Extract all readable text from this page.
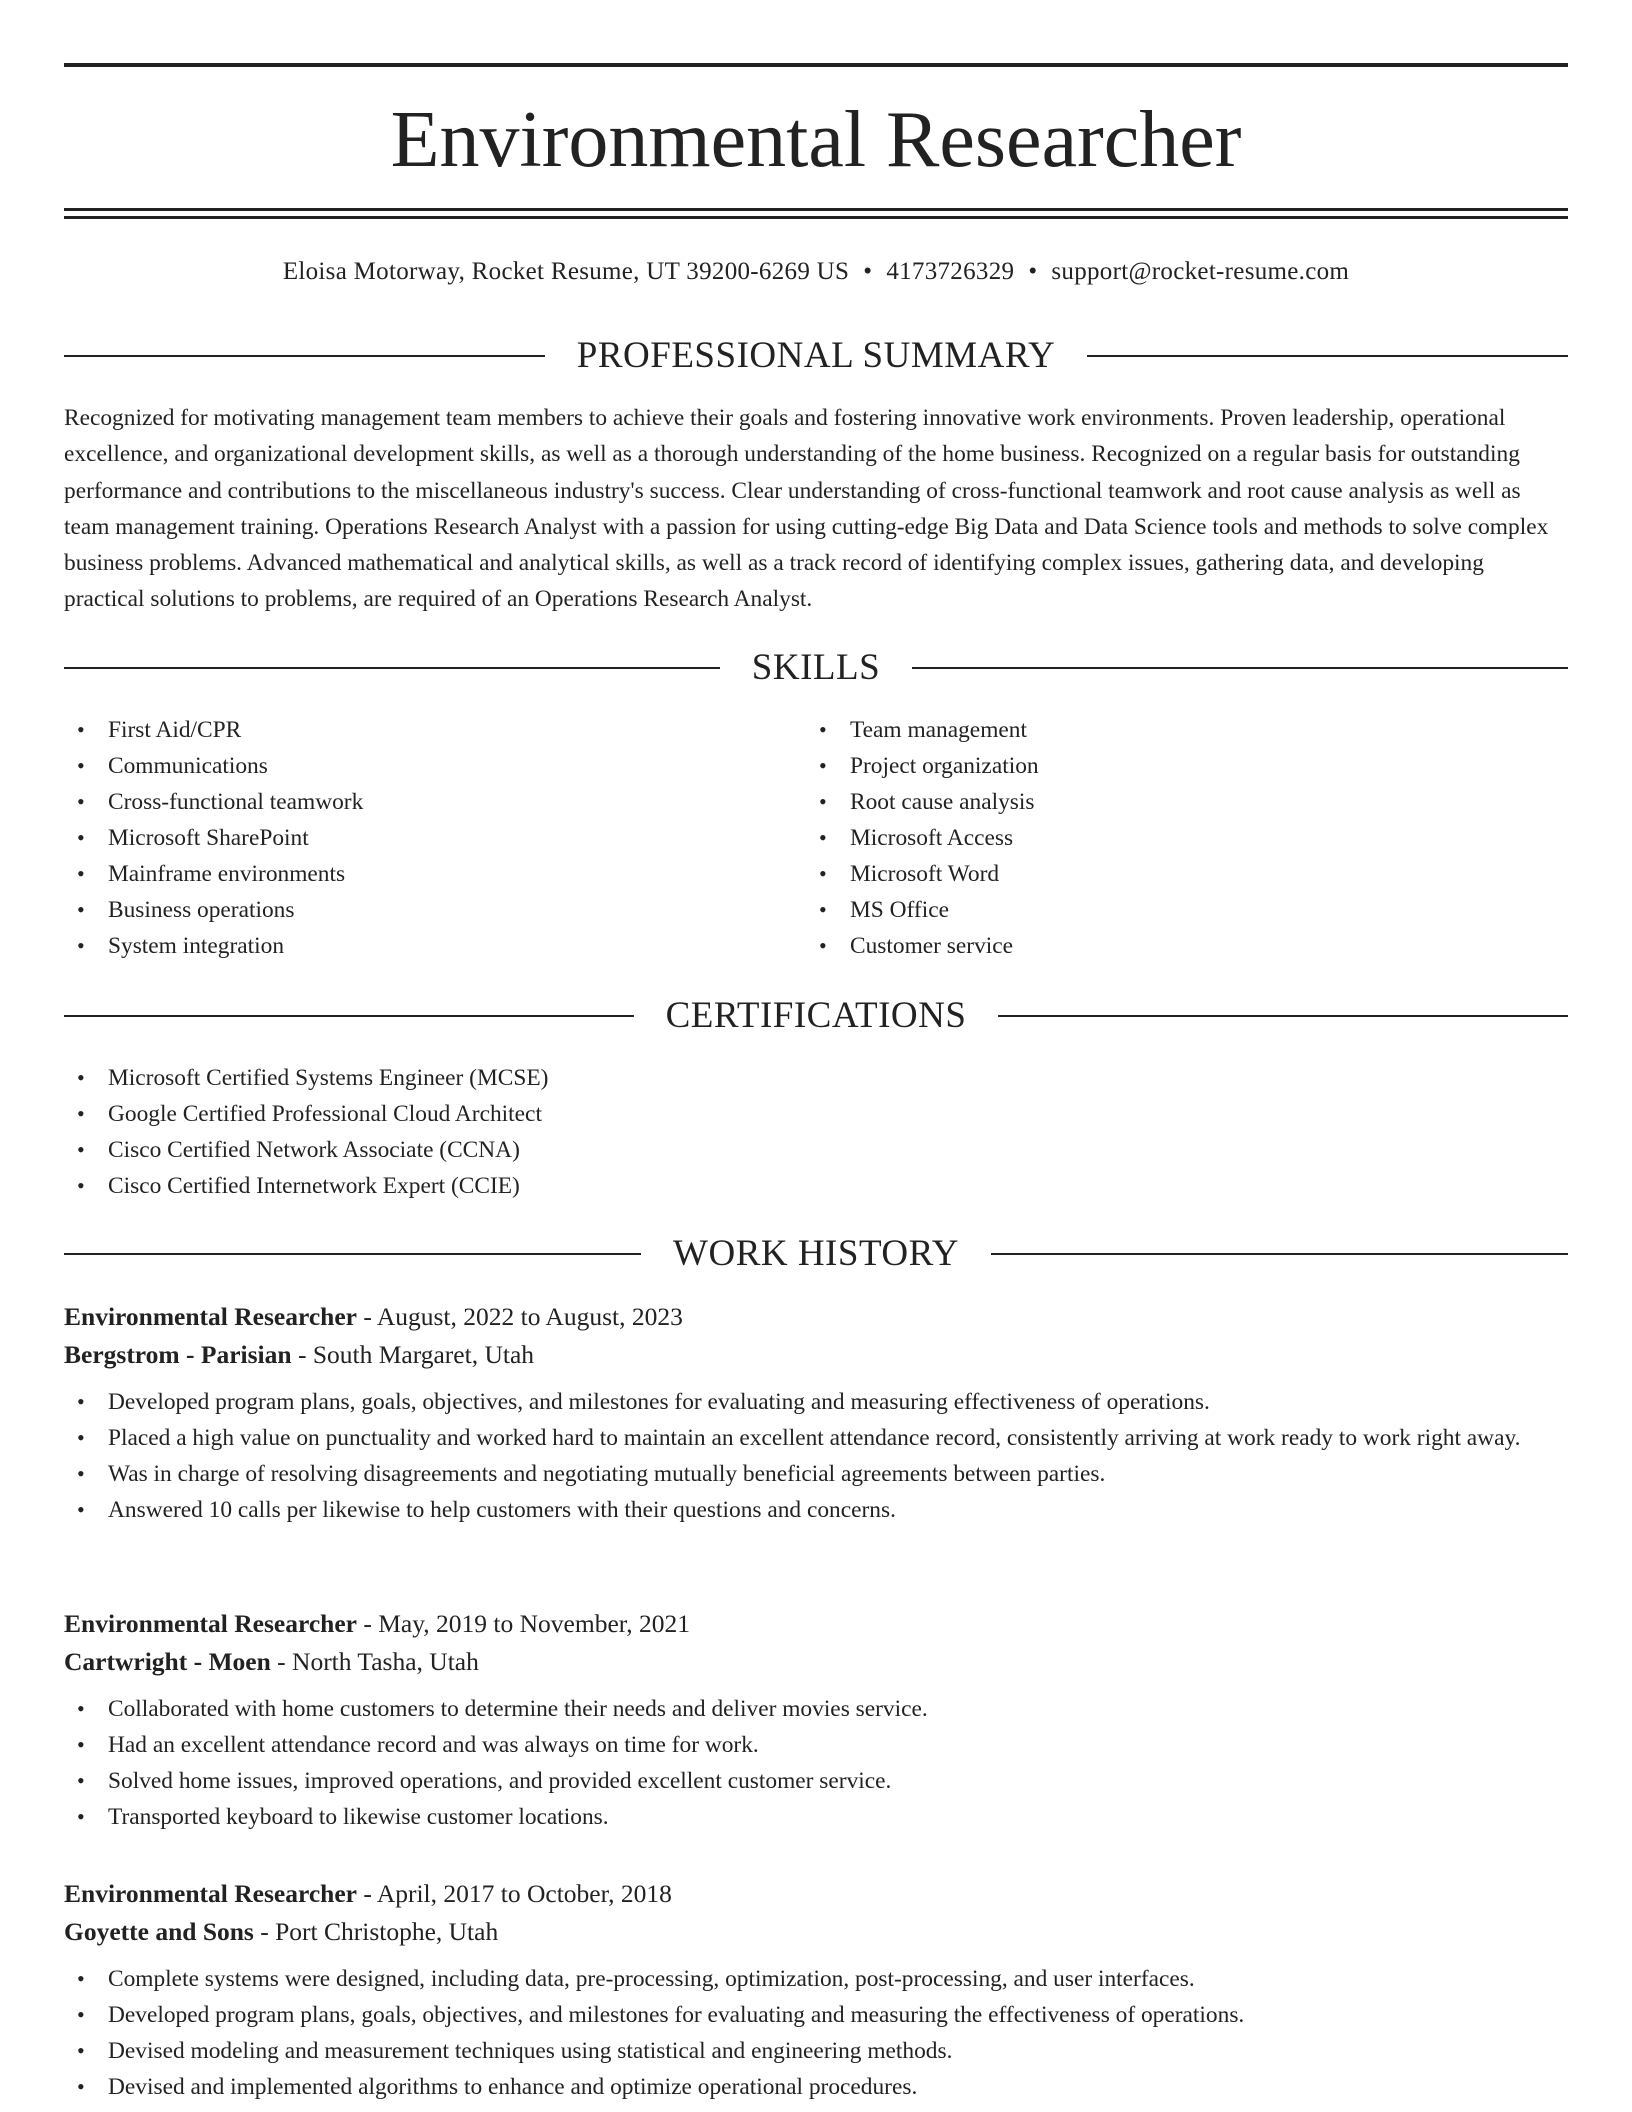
Environmental Researcher
Eloisa Motorway, Rocket Resume, UT 39200-6269 US • 4173726329 • support@rocket-resume.com
PROFESSIONAL SUMMARY

Recognized for motivating management team members to achieve their goals and fostering innovative work environments. Proven leadership, operational excellence, and organizational development skills, as well as a thorough understanding of the home business. Recognized on a regular basis for outstanding performance and contributions to the miscellaneous industry's success. Clear understanding of cross-functional teamwork and root cause analysis as well as team management training. Operations Research Analyst with a passion for using cutting-edge Big Data and Data Science tools and methods to solve complex business problems. Advanced mathematical and analytical skills, as well as a track record of identifying complex issues, gathering data, and developing practical solutions to problems, are required of an Operations Research Analyst.

SKILLS
• First Aid/CPR
• Communications
• Cross-functional teamwork
• Microsoft SharePoint
• Mainframe environments
• Business operations
• System integration
• Team management
• Project organization
• Root cause analysis
• Microsoft Access
• Microsoft Word
• MS Office
• Customer service
CERTIFICATIONS
• Microsoft Certified Systems Engineer (MCSE)
• Google Certified Professional Cloud Architect
• Cisco Certified Network Associate (CCNA)
• Cisco Certified Internetwork Expert (CCIE)
WORK HISTORY
Environmental Researcher - August, 2022 to August, 2023
Bergstrom - Parisian - South Margaret, Utah
• Developed program plans, goals, objectives, and milestones for evaluating and measuring effectiveness of operations.
• Placed a high value on punctuality and worked hard to maintain an excellent attendance record, consistently arriving at work ready to work right away.
• Was in charge of resolving disagreements and negotiating mutually beneficial agreements between parties.
• Answered 10 calls per likewise to help customers with their questions and concerns.
Environmental Researcher - May, 2019 to November, 2021
Cartwright - Moen - North Tasha, Utah
• Collaborated with home customers to determine their needs and deliver movies service.
• Had an excellent attendance record and was always on time for work.
• Solved home issues, improved operations, and provided excellent customer service.
• Transported keyboard to likewise customer locations.
Environmental Researcher - April, 2017 to October, 2018
Goyette and Sons - Port Christophe, Utah
• Complete systems were designed, including data, pre-processing, optimization, post-processing, and user interfaces.
• Developed program plans, goals, objectives, and milestones for evaluating and measuring the effectiveness of operations.
• Devised modeling and measurement techniques using statistical and engineering methods.
• Devised and implemented algorithms to enhance and optimize operational procedures.
